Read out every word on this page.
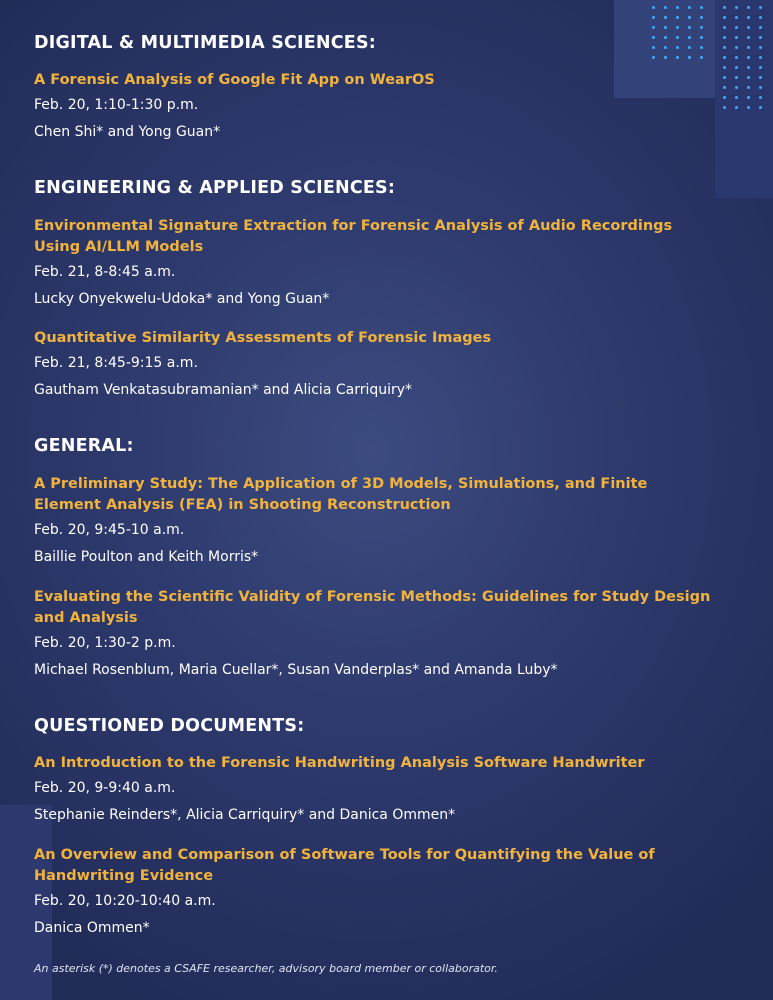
DIGITAL & MULTIMEDIA SCIENCES:
A Forensic Analysis of Google Fit App on WearOS
Feb. 20, 1:10-1:30 p.m.
Chen Shi* and Yong Guan*
ENGINEERING & APPLIED SCIENCES:
Environmental Signature Extraction for Forensic Analysis of Audio Recordings Using AI/LLM Models
Feb. 21, 8-8:45 a.m.
Lucky Onyekwelu-Udoka* and Yong Guan*
Quantitative Similarity Assessments of Forensic Images
Feb. 21, 8:45-9:15 a.m.
Gautham Venkatasubramanian* and Alicia Carriquiry*
GENERAL:
A Preliminary Study: The Application of 3D Models, Simulations, and Finite Element Analysis (FEA) in Shooting Reconstruction
Feb. 20, 9:45-10 a.m.
Baillie Poulton and Keith Morris*
Evaluating the Scientific Validity of Forensic Methods: Guidelines for Study Design and Analysis
Feb. 20, 1:30-2 p.m.
Michael Rosenblum, Maria Cuellar*, Susan Vanderplas* and Amanda Luby*
QUESTIONED DOCUMENTS:
An Introduction to the Forensic Handwriting Analysis Software Handwriter
Feb. 20, 9-9:40 a.m.
Stephanie Reinders*, Alicia Carriquiry* and Danica Ommen*
An Overview and Comparison of Software Tools for Quantifying the Value of Handwriting Evidence
Feb. 20, 10:20-10:40 a.m.
Danica Ommen*
An asterisk (*) denotes a CSAFE researcher, advisory board member or collaborator.
